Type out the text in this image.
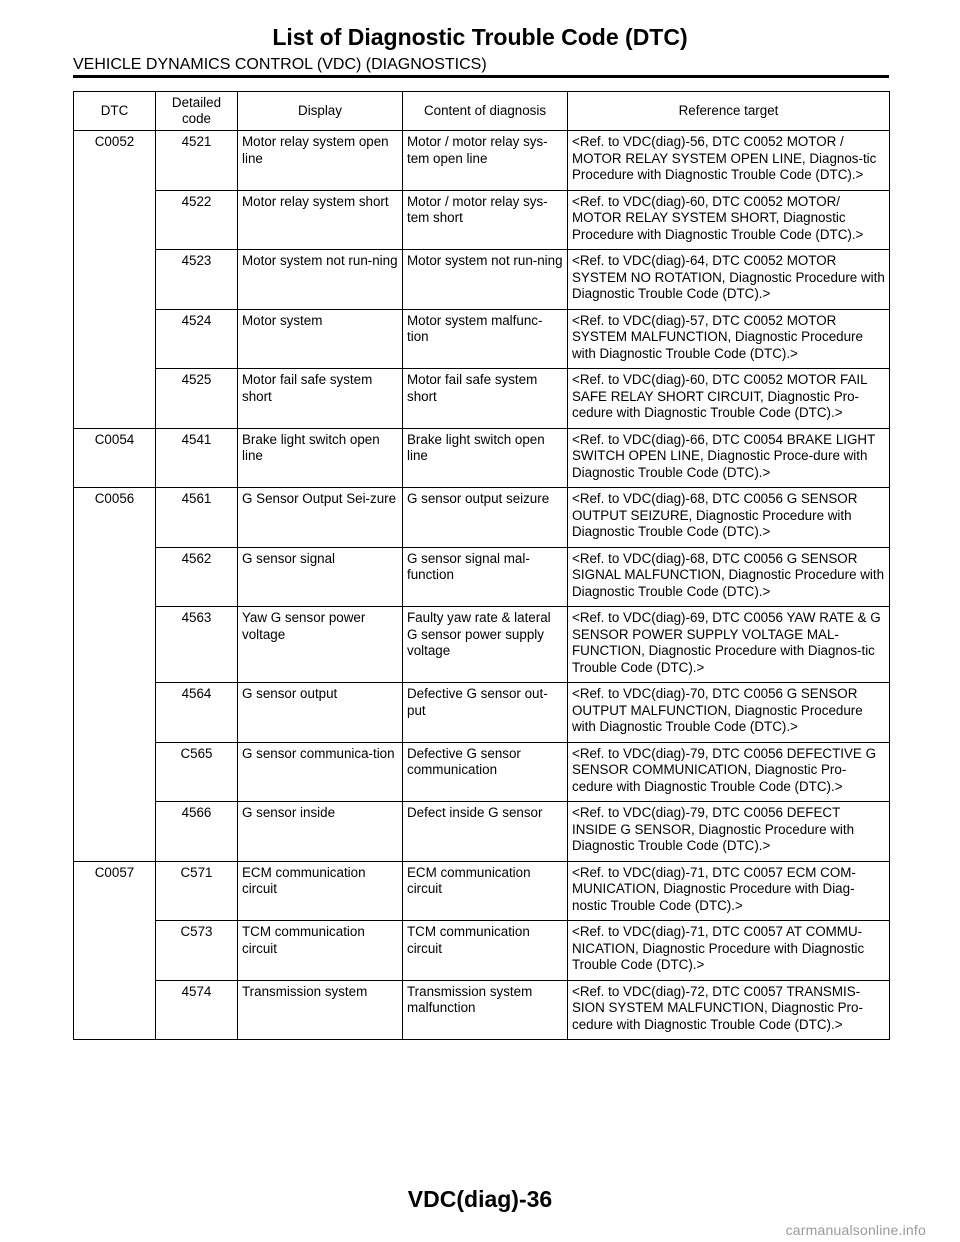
List of Diagnostic Trouble Code (DTC)
VEHICLE DYNAMICS CONTROL (VDC) (DIAGNOSTICS)
DTC	Detailed code	Display	Content of diagnosis	Reference target
C0052	4521	Motor relay system open line	Motor / motor relay sys-tem open line	<Ref. to VDC(diag)-56, DTC C0052 MOTOR / MOTOR RELAY SYSTEM OPEN LINE, Diagnos-tic Procedure with Diagnostic Trouble Code (DTC).>
	4522	Motor relay system short	Motor / motor relay sys-tem short	<Ref. to VDC(diag)-60, DTC C0052 MOTOR/ MOTOR RELAY SYSTEM SHORT, Diagnostic Procedure with Diagnostic Trouble Code (DTC).>
	4523	Motor system not run-ning	Motor system not run-ning	<Ref. to VDC(diag)-64, DTC C0052 MOTOR SYSTEM NO ROTATION, Diagnostic Procedure with Diagnostic Trouble Code (DTC).>
	4524	Motor system	Motor system malfunc-tion	<Ref. to VDC(diag)-57, DTC C0052 MOTOR SYSTEM MALFUNCTION, Diagnostic Procedure with Diagnostic Trouble Code (DTC).>
	4525	Motor fail safe system short	Motor fail safe system short	<Ref. to VDC(diag)-60, DTC C0052 MOTOR FAIL SAFE RELAY SHORT CIRCUIT, Diagnostic Pro-cedure with Diagnostic Trouble Code (DTC).>
C0054	4541	Brake light switch open line	Brake light switch open line	<Ref. to VDC(diag)-66, DTC C0054 BRAKE LIGHT SWITCH OPEN LINE, Diagnostic Proce-dure with Diagnostic Trouble Code (DTC).>
C0056	4561	G Sensor Output Sei-zure	G sensor output seizure	<Ref. to VDC(diag)-68, DTC C0056 G SENSOR OUTPUT SEIZURE, Diagnostic Procedure with Diagnostic Trouble Code (DTC).>
	4562	G sensor signal	G sensor signal mal-function	<Ref. to VDC(diag)-68, DTC C0056 G SENSOR SIGNAL MALFUNCTION, Diagnostic Procedure with Diagnostic Trouble Code (DTC).>
	4563	Yaw G sensor power voltage	Faulty yaw rate & lateral G sensor power supply voltage	<Ref. to VDC(diag)-69, DTC C0056 YAW RATE & G SENSOR POWER SUPPLY VOLTAGE MAL-FUNCTION, Diagnostic Procedure with Diagnos-tic Trouble Code (DTC).>
	4564	G sensor output	Defective G sensor out-put	<Ref. to VDC(diag)-70, DTC C0056 G SENSOR OUTPUT MALFUNCTION, Diagnostic Procedure with Diagnostic Trouble Code (DTC).>
	C565	G sensor communica-tion	Defective G sensor communication	<Ref. to VDC(diag)-79, DTC C0056 DEFECTIVE G SENSOR COMMUNICATION, Diagnostic Pro-cedure with Diagnostic Trouble Code (DTC).>
	4566	G sensor inside	Defect inside G sensor	<Ref. to VDC(diag)-79, DTC C0056 DEFECT INSIDE G SENSOR, Diagnostic Procedure with Diagnostic Trouble Code (DTC).>
C0057	C571	ECM communication circuit	ECM communication circuit	<Ref. to VDC(diag)-71, DTC C0057 ECM COM-MUNICATION, Diagnostic Procedure with Diag-nostic Trouble Code (DTC).>
	C573	TCM communication circuit	TCM communication circuit	<Ref. to VDC(diag)-71, DTC C0057 AT COMMU-NICATION, Diagnostic Procedure with Diagnostic Trouble Code (DTC).>
	4574	Transmission system	Transmission system malfunction	<Ref. to VDC(diag)-72, DTC C0057 TRANSMIS-SION SYSTEM MALFUNCTION, Diagnostic Pro-cedure with Diagnostic Trouble Code (DTC).>
VDC(diag)-36
carmanualsonline.info
